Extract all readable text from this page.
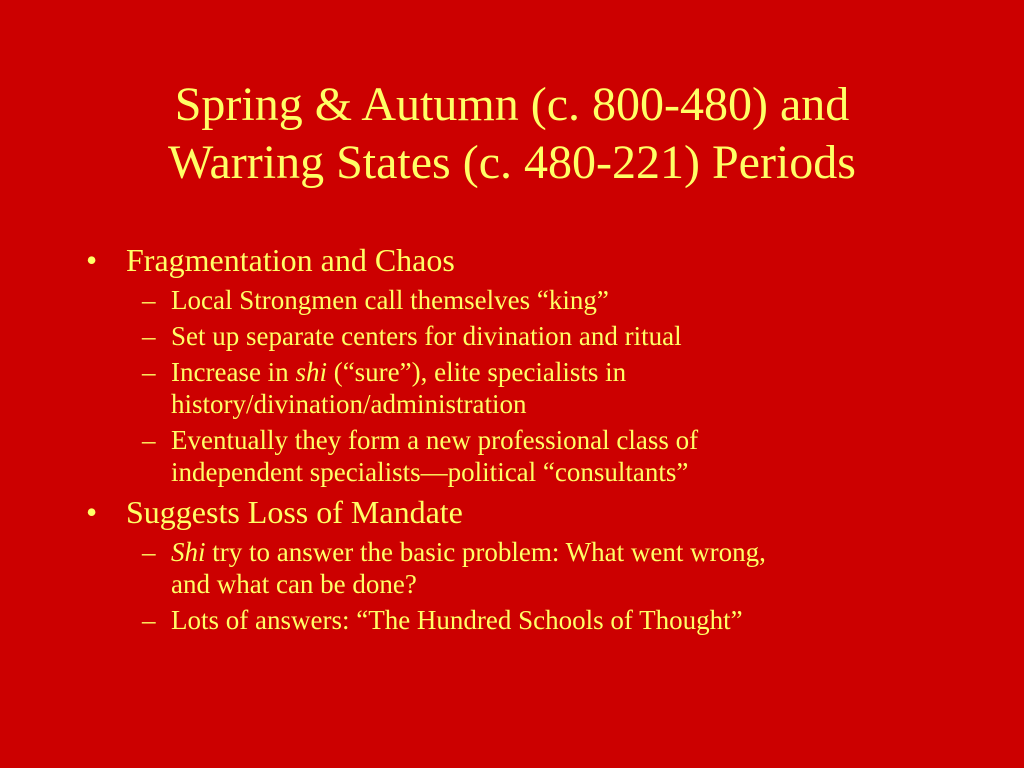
Spring & Autumn (c. 800-480) and
Warring States (c. 480-221) Periods
• Fragmentation and Chaos
– Local Strongmen call themselves “king”
– Set up separate centers for divination and ritual
– Increase in shi (“sure”), elite specialists in
history/divination/administration
– Eventually they form a new professional class of
independent specialists—political “consultants”
• Suggests Loss of Mandate
– Shi try to answer the basic problem: What went wrong,
and what can be done?
– Lots of answers: “The Hundred Schools of Thought”
